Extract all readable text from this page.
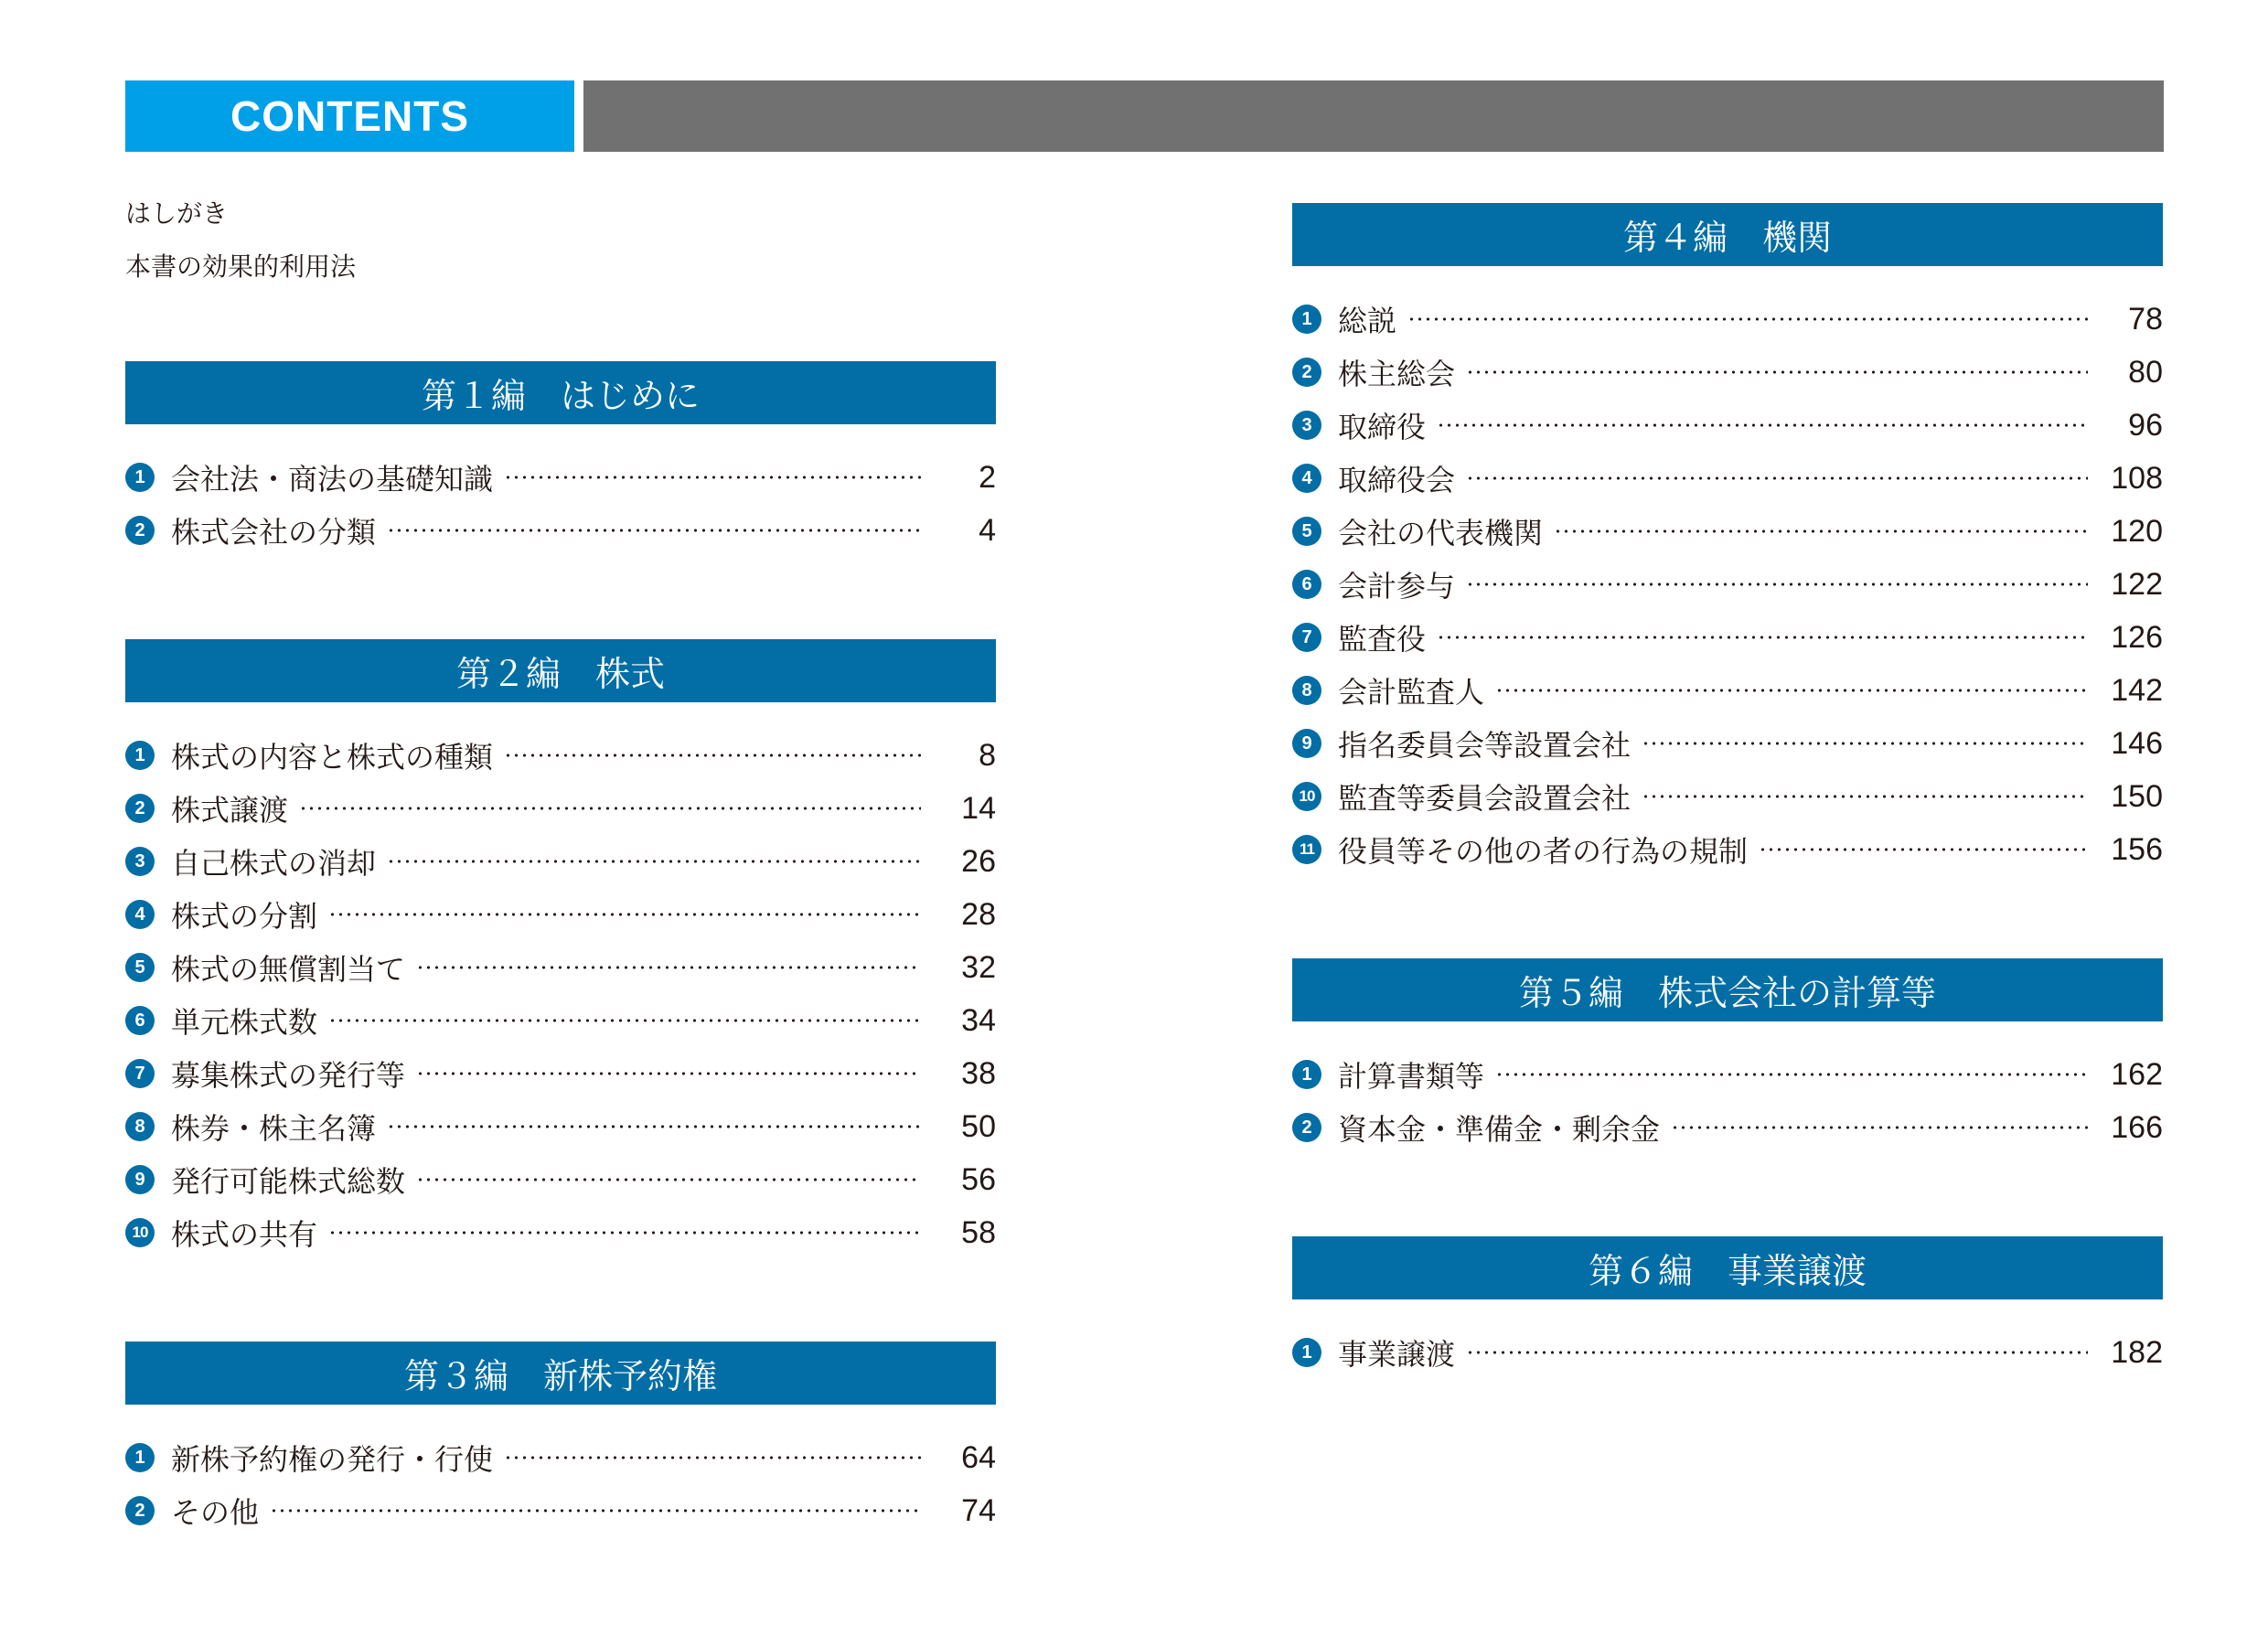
CONTENTS
はしがき
本書の効果的利用法
第１編　はじめに
1 会社法・商法の基礎知識	2
2 株式会社の分類	4
第２編　株式
1 株式の内容と株式の種類	8
2 株式譲渡	14
3 自己株式の消却	26
4 株式の分割	28
5 株式の無償割当て	32
6 単元株式数	34
7 募集株式の発行等	38
8 株券・株主名簿	50
9 発行可能株式総数	56
10 株式の共有	58
第３編　新株予約権
1 新株予約権の発行・行使	64
2 その他	74
第４編　機関
1 総説	78
2 株主総会	80
3 取締役	96
4 取締役会	108
5 会社の代表機関	120
6 会計参与	122
7 監査役	126
8 会計監査人	142
9 指名委員会等設置会社	146
10 監査等委員会設置会社	150
11 役員等その他の者の行為の規制	156
第５編　株式会社の計算等
1 計算書類等	162
2 資本金・準備金・剰余金	166
第６編　事業譲渡
1 事業譲渡	182
